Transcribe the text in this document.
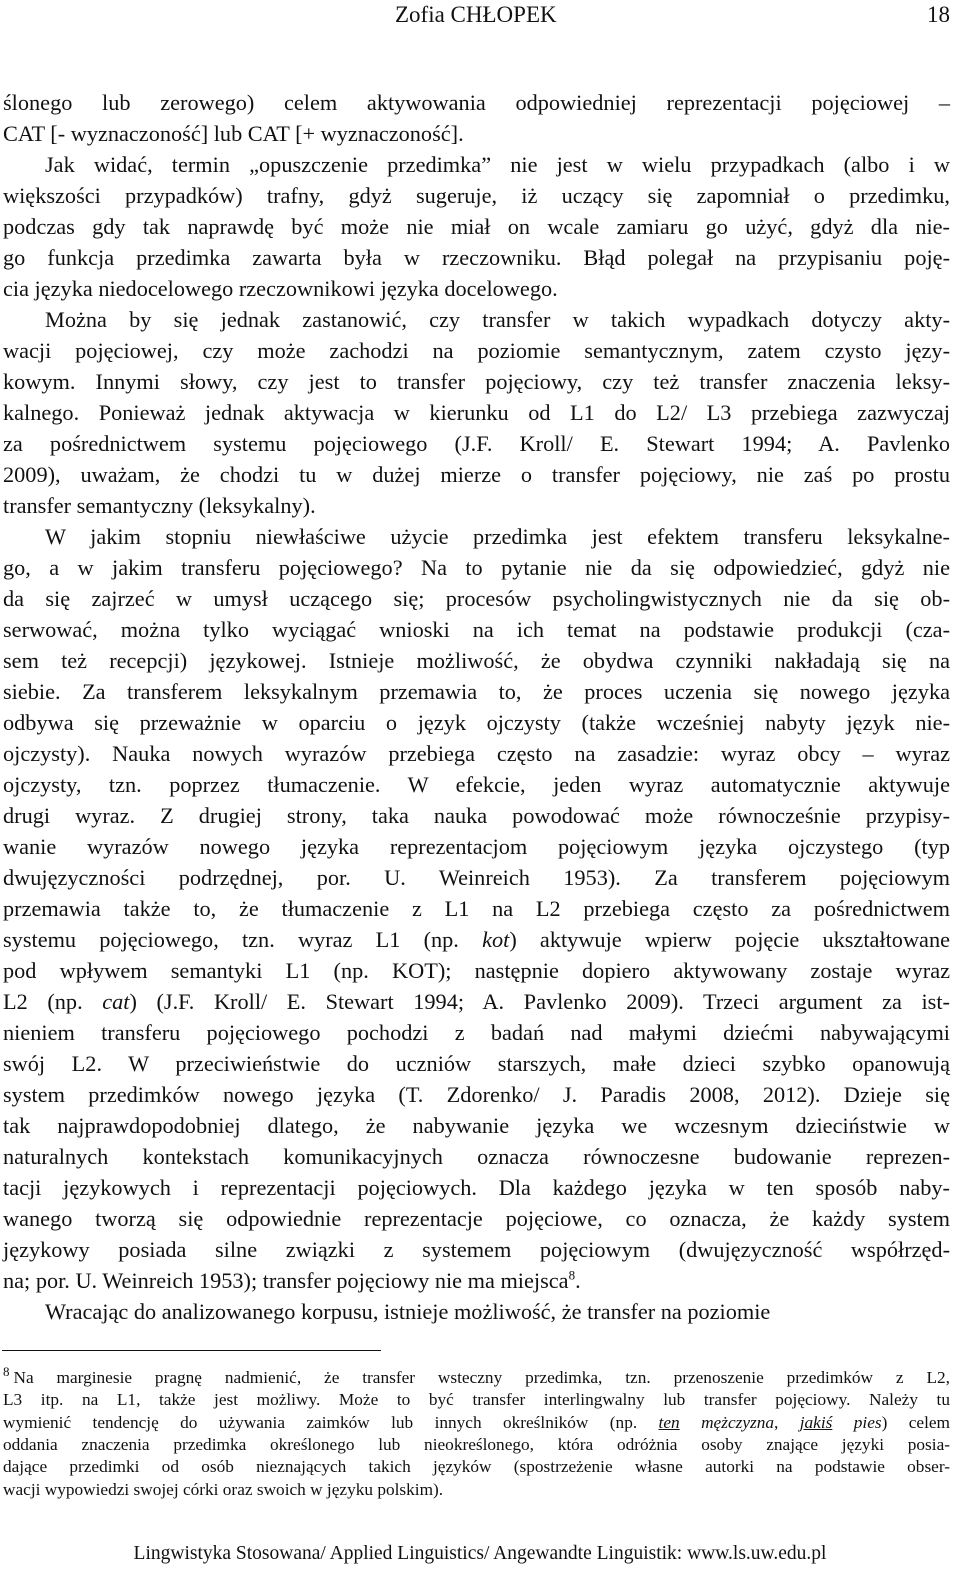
Zofia CHŁOPEK	18
ślonego lub zerowego) celem aktywowania odpowiedniej reprezentacji pojęciowej –
CAT [- wyznaczoność] lub CAT [+ wyznaczoność].
Jak widać, termin „opuszczenie przedimka” nie jest w wielu przypadkach (albo i w
większości przypadków) trafny, gdyż sugeruje, iż uczący się zapomniał o przedimku,
podczas gdy tak naprawdę być może nie miał on wcale zamiaru go użyć, gdyż dla nie-
go funkcja przedimka zawarta była w rzeczowniku. Błąd polegał na przypisaniu poję-
cia języka niedocelowego rzeczownikowi języka docelowego.
Można by się jednak zastanowić, czy transfer w takich wypadkach dotyczy akty-
wacji pojęciowej, czy może zachodzi na poziomie semantycznym, zatem czysto języ-
kowym. Innymi słowy, czy jest to transfer pojęciowy, czy też transfer znaczenia leksy-
kalnego. Ponieważ jednak aktywacja w kierunku od L1 do L2/ L3 przebiega zazwyczaj
za pośrednictwem systemu pojęciowego (J.F. Kroll/ E. Stewart 1994; A. Pavlenko
2009), uważam, że chodzi tu w dużej mierze o transfer pojęciowy, nie zaś po prostu
transfer semantyczny (leksykalny).
W jakim stopniu niewłaściwe użycie przedimka jest efektem transferu leksykalne-
go, a w jakim transferu pojęciowego? Na to pytanie nie da się odpowiedzieć, gdyż nie
da się zajrzeć w umysł uczącego się; procesów psycholingwistycznych nie da się ob-
serwować, można tylko wyciągać wnioski na ich temat na podstawie produkcji (cza-
sem też recepcji) językowej. Istnieje możliwość, że obydwa czynniki nakładają się na
siebie. Za transferem leksykalnym przemawia to, że proces uczenia się nowego języka
odbywa się przeważnie w oparciu o język ojczysty (także wcześniej nabyty język nie-
ojczysty). Nauka nowych wyrazów przebiega często na zasadzie: wyraz obcy – wyraz
ojczysty, tzn. poprzez tłumaczenie. W efekcie, jeden wyraz automatycznie aktywuje
drugi wyraz. Z drugiej strony, taka nauka powodować może równocześnie przypisy-
wanie wyrazów nowego języka reprezentacjom pojęciowym języka ojczystego (typ
dwujęzyczności podrzędnej, por. U. Weinreich 1953). Za transferem pojęciowym
przemawia także to, że tłumaczenie z L1 na L2 przebiega często za pośrednictwem
systemu pojęciowego, tzn. wyraz L1 (np. kot) aktywuje wpierw pojęcie ukształtowane
pod wpływem semantyki L1 (np. KOT); następnie dopiero aktywowany zostaje wyraz
L2 (np. cat) (J.F. Kroll/ E. Stewart 1994; A. Pavlenko 2009). Trzeci argument za ist-
nieniem transferu pojęciowego pochodzi z badań nad małymi dziećmi nabywającymi
swój L2. W przeciwieństwie do uczniów starszych, małe dzieci szybko opanowują
system przedimków nowego języka (T. Zdorenko/ J. Paradis 2008, 2012). Dzieje się
tak najprawdopodobniej dlatego, że nabywanie języka we wczesnym dzieciństwie w
naturalnych kontekstach komunikacyjnych oznacza równoczesne budowanie reprezen-
tacji językowych i reprezentacji pojęciowych. Dla każdego języka w ten sposób naby-
wanego tworzą się odpowiednie reprezentacje pojęciowe, co oznacza, że każdy system
językowy posiada silne związki z systemem pojęciowym (dwujęzyczność współrzęd-
na; por. U. Weinreich 1953); transfer pojęciowy nie ma miejsca$^8$.
Wracając do analizowanego korpusu, istnieje możliwość, że transfer na poziomie
$^8$ Na marginesie pragnę nadmienić, że transfer wsteczny przedimka, tzn. przenoszenie przedimków z L2,
L3 itp. na L1, także jest możliwy. Może to być transfer interlingwalny lub transfer pojęciowy. Należy tu
wymienić tendencję do używania zaimków lub innych określników (np. ten mężczyzna, jakiś pies) celem
oddania znaczenia przedimka określonego lub nieokreślonego, która odróżnia osoby znające języki posia-
dające przedimki od osób nieznających takich języków (spostrzeżenie własne autorki na podstawie obser-
wacji wypowiedzi swojej córki oraz swoich w języku polskim).
Lingwistyka Stosowana/ Applied Linguistics/ Angewandte Linguistik: www.ls.uw.edu.pl
